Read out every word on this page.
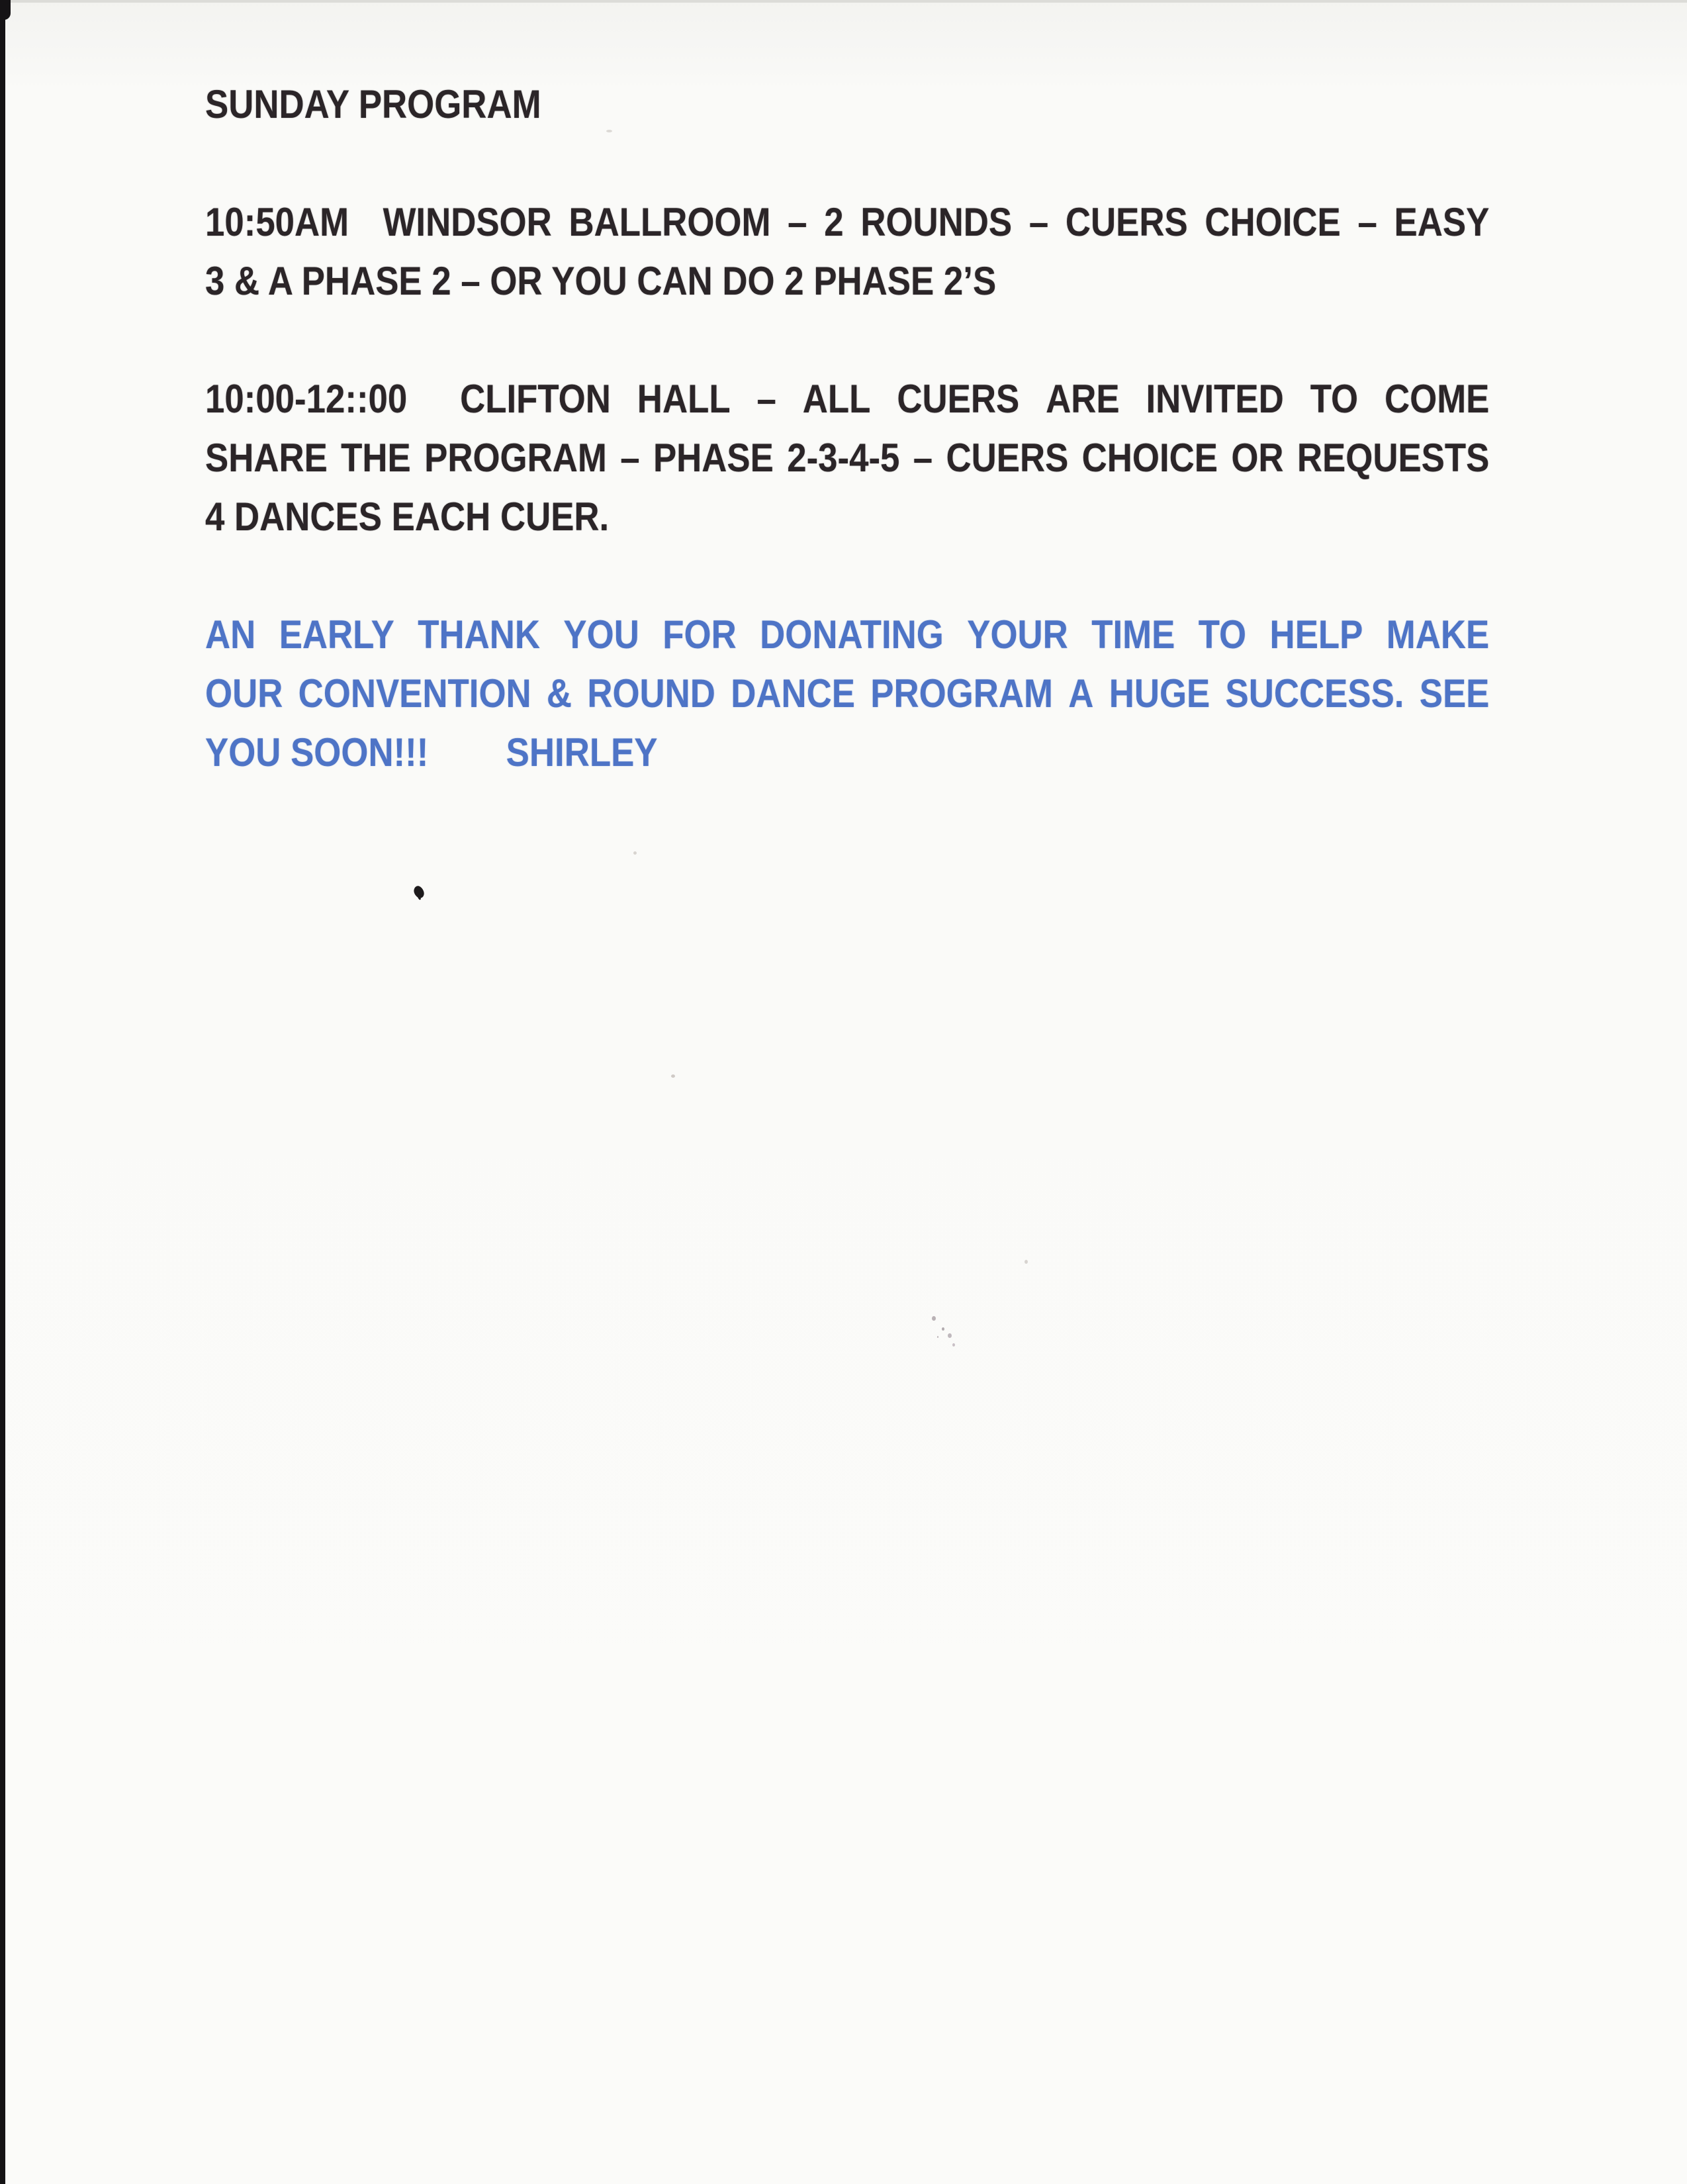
SUNDAY PROGRAM
10:50AM WINDSOR BALLROOM – 2 ROUNDS – CUERS CHOICE – EASY
3 & A PHASE 2 – OR YOU CAN DO 2 PHASE 2’S
10:00-12::00 CLIFTON HALL – ALL CUERS ARE INVITED TO COME
SHARE THE PROGRAM – PHASE 2-3-4-5 – CUERS CHOICE OR REQUESTS
4 DANCES EACH CUER.
AN EARLY THANK YOU FOR DONATING YOUR TIME TO HELP MAKE
OUR CONVENTION & ROUND DANCE PROGRAM A HUGE SUCCESS. SEE
YOU SOON!!!        SHIRLEY
